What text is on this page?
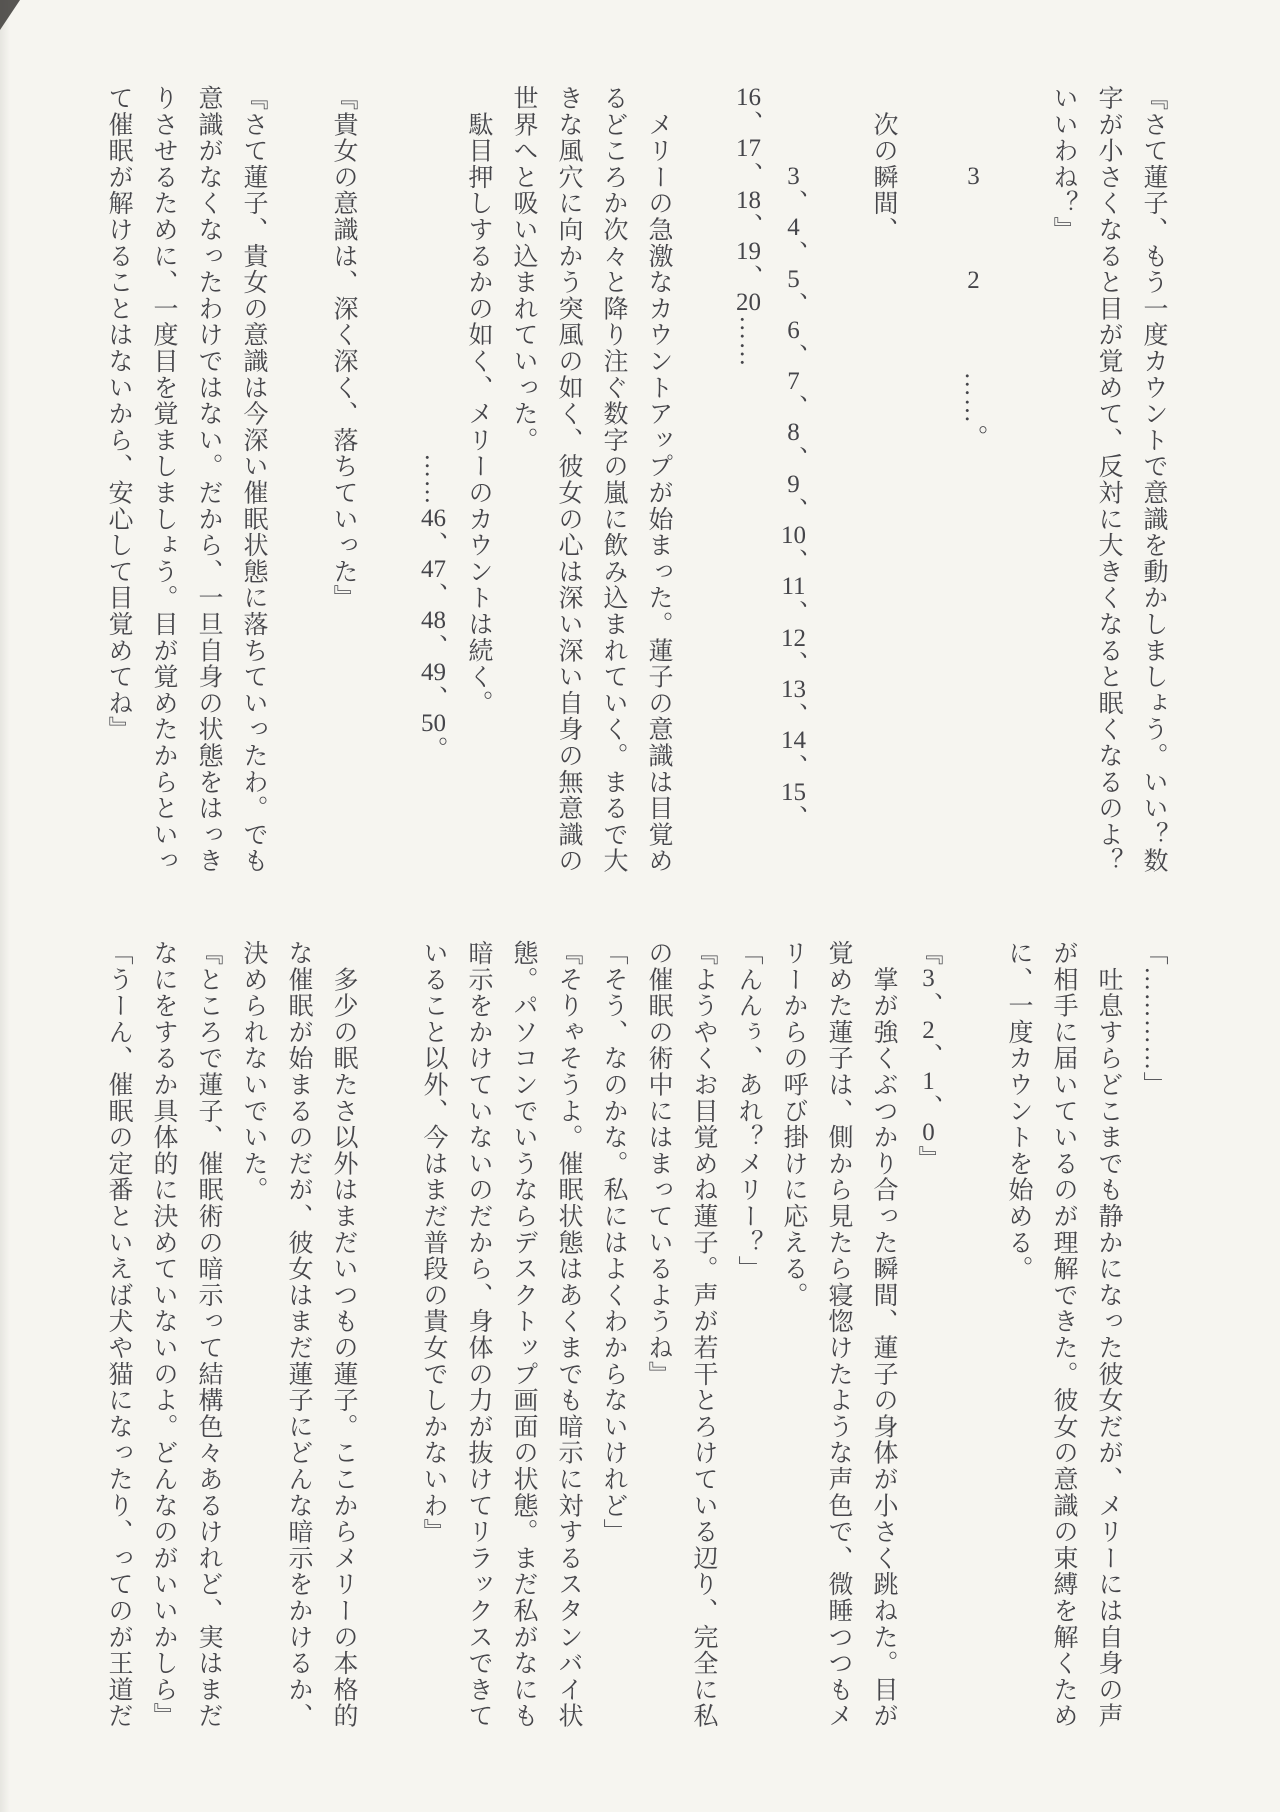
『さて蓮子、もう一度カウントで意識を動かしましょう。いい？数

字が小さくなると目が覚めて、反対に大きくなると眠くなるのよ？

いいわね？』

　　　3　　　2　　　……。

　次の瞬間、

　　　3、4、5、6、7、8、9、10、11、12、13、14、15、

16、17、18、19、20……

　メリーの急激なカウントアップが始まった。蓮子の意識は目覚め

るどころか次々と降り注ぐ数字の嵐に飲み込まれていく。まるで大

きな風穴に向かう突風の如く、彼女の心は深い深い自身の無意識の

世界へと吸い込まれていった。

　駄目押しするかの如く、メリーのカウントは続く。

　　　　　　　　　　　　　　……46、47、48、49、50。

『貴女の意識は、深く深く、落ちていった』

『さて蓮子、貴女の意識は今深い催眠状態に落ちていったわ。でも

意識がなくなったわけではない。だから、一旦自身の状態をはっき

りさせるために、一度目を覚ましましょう。目が覚めたからといっ

て催眠が解けることはないから、安心して目覚めてね』

「…………」

　吐息すらどこまでも静かになった彼女だが、メリーには自身の声

が相手に届いているのが理解できた。彼女の意識の束縛を解くため

に、一度カウントを始める。

『3、2、1、0』

　掌が強くぶつかり合った瞬間、蓮子の身体が小さく跳ねた。目が

覚めた蓮子は、側から見たら寝惚けたような声色で、微睡つつもメ

リーからの呼び掛けに応える。

「んんぅ、あれ？メリー？」

『ようやくお目覚めね蓮子。声が若干とろけている辺り、完全に私

の催眠の術中にはまっているようね』

「そう、なのかな。私にはよくわからないけれど」

『そりゃそうよ。催眠状態はあくまでも暗示に対するスタンバイ状

態。パソコンでいうならデスクトップ画面の状態。まだ私がなにも

暗示をかけていないのだから、身体の力が抜けてリラックスできて

いること以外、今はまだ普段の貴女でしかないわ』

　多少の眠たさ以外はまだいつもの蓮子。ここからメリーの本格的

な催眠が始まるのだが、彼女はまだ蓮子にどんな暗示をかけるか、

決められないでいた。

『ところで蓮子、催眠術の暗示って結構色々あるけれど、実はまだ

なにをするか具体的に決めていないのよ。どんなのがいいかしら』

「うーん、催眠の定番といえば犬や猫になったり、ってのが王道だ
